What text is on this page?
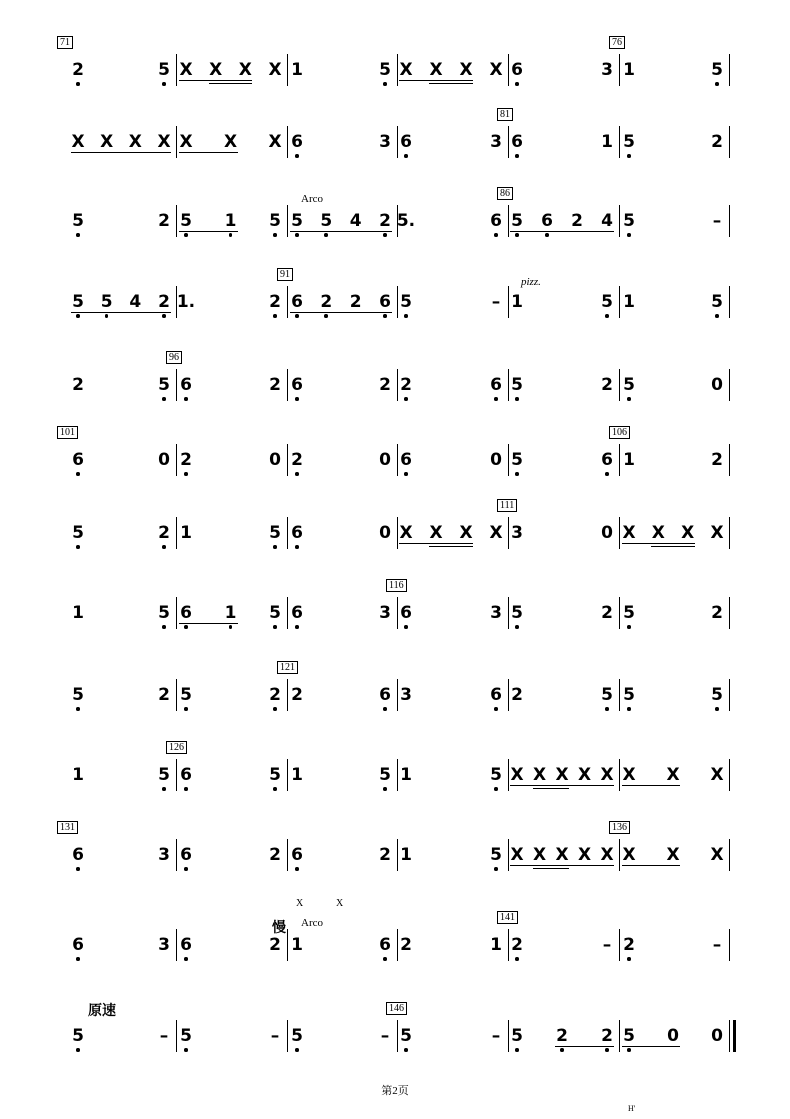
71	76
2	5 X X X X 1	5 X X X X 6	3 1	5
81
X X X X X X X 6	3 6	3 6	1 5	2
86
5	2 5 1 5 5 5 4 2 5.	6 5 6 2 4 5	–
Arco
91
5 5 4 2 1.	2 6 2 2 6 5	– 1	5 1	5
pizz.
96
2	5 6	2 6	2 2	6 5	2 5	0
101	106
6	0 2	0 2	0 6	0 5	6 1	2
111
5	2 1	5 6	0 X X X X 3	0 X X X X
116
1	5 6 1 5 6	3 6	3 5	2 5	2
121
5	2 5	2 2	6 3	6 2	5 5	5
126
1	5 6	5 1	5 1	5 X X X X X X X X
131	136
6	3 6	2 6	2 1	5 X X X X X X X X
141
6	3 6	2 1	6 2	1 2	– 2	–
慢 Arco
X	X
146
5	– 5	– 5	– 5	– 5 2 2 5 0 0
原速
第2页
H'
